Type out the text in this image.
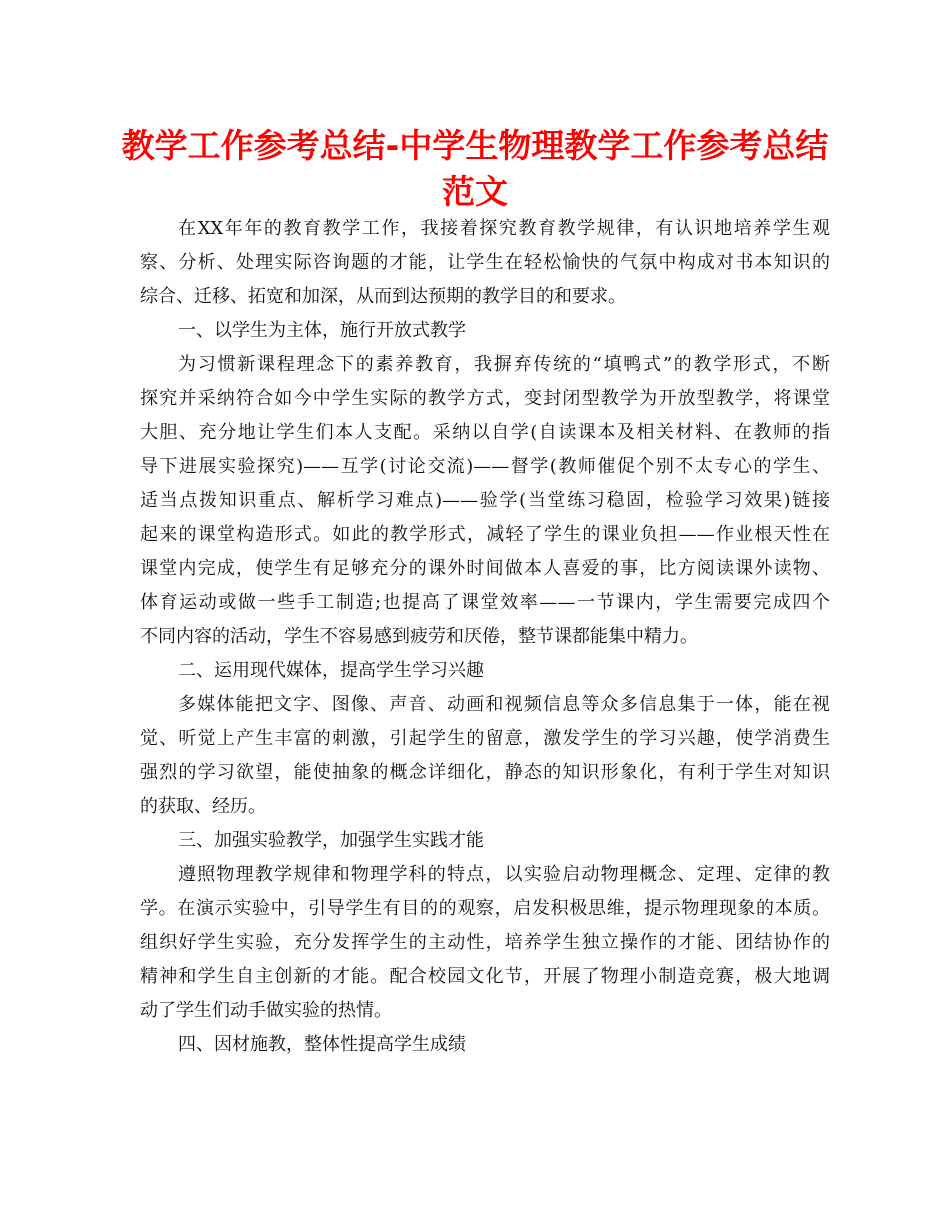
教学工作参考总结-中学生物理教学工作参考总结
范文
在XX年年的教育教学工作，我接着探究教育教学规律，有认识地培养学生观
察、分析、处理实际咨询题的才能，让学生在轻松愉快的气氛中构成对书本知识的
综合、迁移、拓宽和加深，从而到达预期的教学目的和要求。
一、以学生为主体，施行开放式教学
为习惯新课程理念下的素养教育，我摒弃传统的“填鸭式”的教学形式，不断
探究并采纳符合如今中学生实际的教学方式，变封闭型教学为开放型教学，将课堂
大胆、充分地让学生们本人支配。采纳以自学(自读课本及相关材料、在教师的指
导下进展实验探究)——互学(讨论交流)——督学(教师催促个别不太专心的学生、
适当点拨知识重点、解析学习难点)——验学(当堂练习稳固，检验学习效果)链接
起来的课堂构造形式。如此的教学形式，减轻了学生的课业负担——作业根天性在
课堂内完成，使学生有足够充分的课外时间做本人喜爱的事，比方阅读课外读物、
体育运动或做一些手工制造;也提高了课堂效率——一节课内，学生需要完成四个
不同内容的活动，学生不容易感到疲劳和厌倦，整节课都能集中精力。
二、运用现代媒体，提高学生学习兴趣
多媒体能把文字、图像、声音、动画和视频信息等众多信息集于一体，能在视
觉、听觉上产生丰富的刺激，引起学生的留意，激发学生的学习兴趣，使学消费生
强烈的学习欲望，能使抽象的概念详细化，静态的知识形象化，有利于学生对知识
的获取、经历。
三、加强实验教学，加强学生实践才能
遵照物理教学规律和物理学科的特点，以实验启动物理概念、定理、定律的教
学。在演示实验中，引导学生有目的的观察，启发积极思维，提示物理现象的本质。
组织好学生实验，充分发挥学生的主动性，培养学生独立操作的才能、团结协作的
精神和学生自主创新的才能。配合校园文化节，开展了物理小制造竞赛，极大地调
动了学生们动手做实验的热情。
四、因材施教，整体性提高学生成绩
